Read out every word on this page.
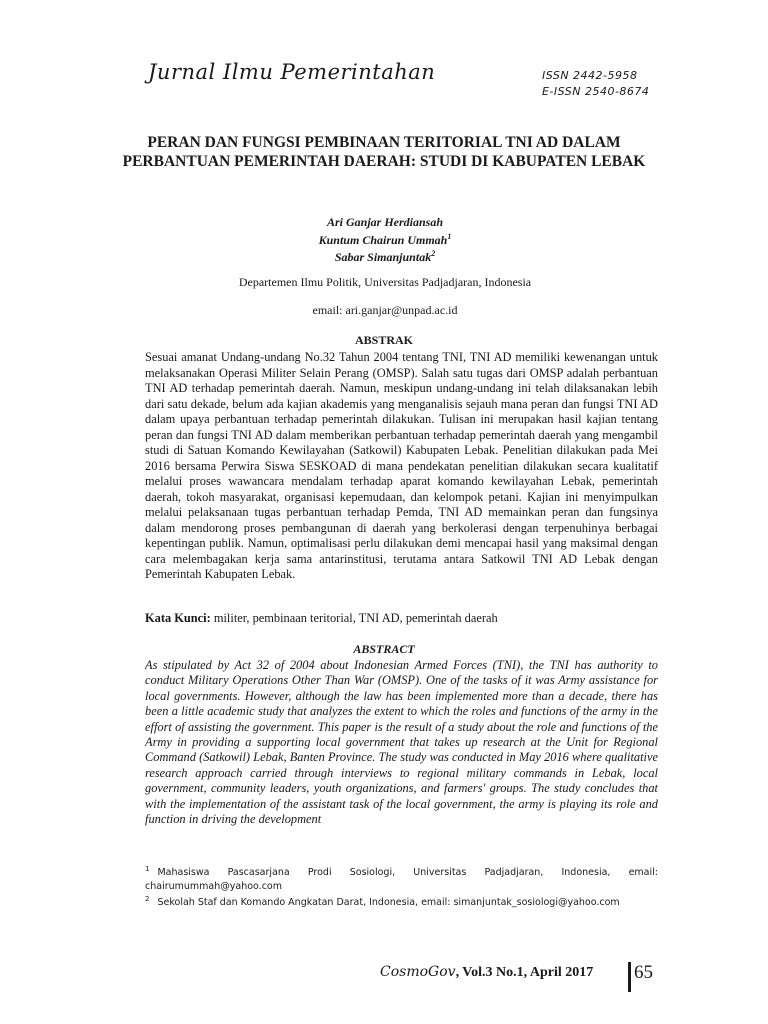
Jurnal Ilmu Pemerintahan	ISSN 2442-5958
E-ISSN 2540-8674
PERAN DAN FUNGSI PEMBINAAN TERITORIAL TNI AD DALAM PERBANTUAN PEMERINTAH DAERAH: STUDI DI KABUPATEN LEBAK
Ari Ganjar Herdiansah
Kuntum Chairun Ummah$^1$
Sabar Simanjuntak$^2$
Departemen Ilmu Politik, Universitas Padjadjaran, Indonesia
email: ari.ganjar@unpad.ac.id
ABSTRAK
Sesuai amanat Undang-undang No.32 Tahun 2004 tentang TNI, TNI AD memiliki kewenangan untuk melaksanakan Operasi Militer Selain Perang (OMSP). Salah satu tugas dari OMSP adalah perbantuan TNI AD terhadap pemerintah daerah. Namun, meskipun undang-undang ini telah dilaksanakan lebih dari satu dekade, belum ada kajian akademis yang menganalisis sejauh mana peran dan fungsi TNI AD dalam upaya perbantuan terhadap pemerintah dilakukan. Tulisan ini merupakan hasil kajian tentang peran dan fungsi TNI AD dalam memberikan perbantuan terhadap pemerintah daerah yang mengambil studi di Satuan Komando Kewilayahan (Satkowil) Kabupaten Lebak. Penelitian dilakukan pada Mei 2016 bersama Perwira Siswa SESKOAD di mana pendekatan penelitian dilakukan secara kualitatif melalui proses wawancara mendalam terhadap aparat komando kewilayahan Lebak, pemerintah daerah, tokoh masyarakat, organisasi kepemudaan, dan kelompok petani. Kajian ini menyimpulkan melalui pelaksanaan tugas perbantuan terhadap Pemda, TNI AD memainkan peran dan fungsinya dalam mendorong proses pembangunan di daerah yang berkolerasi dengan terpenuhinya berbagai kepentingan publik. Namun, optimalisasi perlu dilakukan demi mencapai hasil yang maksimal dengan cara melembagakan kerja sama antarinstitusi, terutama antara Satkowil TNI AD Lebak dengan Pemerintah Kabupaten Lebak.
Kata Kunci: militer, pembinaan teritorial, TNI AD, pemerintah daerah
ABSTRACT
As stipulated by Act 32 of 2004 about Indonesian Armed Forces (TNI), the TNI has authority to conduct Military Operations Other Than War (OMSP). One of the tasks of it was Army assistance for local governments. However, although the law has been implemented more than a decade, there has been a little academic study that analyzes the extent to which the roles and functions of the army in the effort of assisting the government. This paper is the result of a study about the role and functions of the Army in providing a supporting local government that takes up research at the Unit for Regional Command (Satkowil) Lebak, Banten Province. The study was conducted in May 2016 where qualitative research approach carried through interviews to regional military commands in Lebak, local government, community leaders, youth organizations, and farmers' groups. The study concludes that with the implementation of the assistant task of the local government, the army is playing its role and function in driving the development
$^1$ Mahasiswa Pascasarjana Prodi Sosiologi, Universitas Padjadjaran, Indonesia, email: chairumummah@yahoo.com
$^2$ Sekolah Staf dan Komando Angkatan Darat, Indonesia, email: simanjuntak_sosiologi@yahoo.com
CosmoGov, Vol.3 No.1, April 2017 65
